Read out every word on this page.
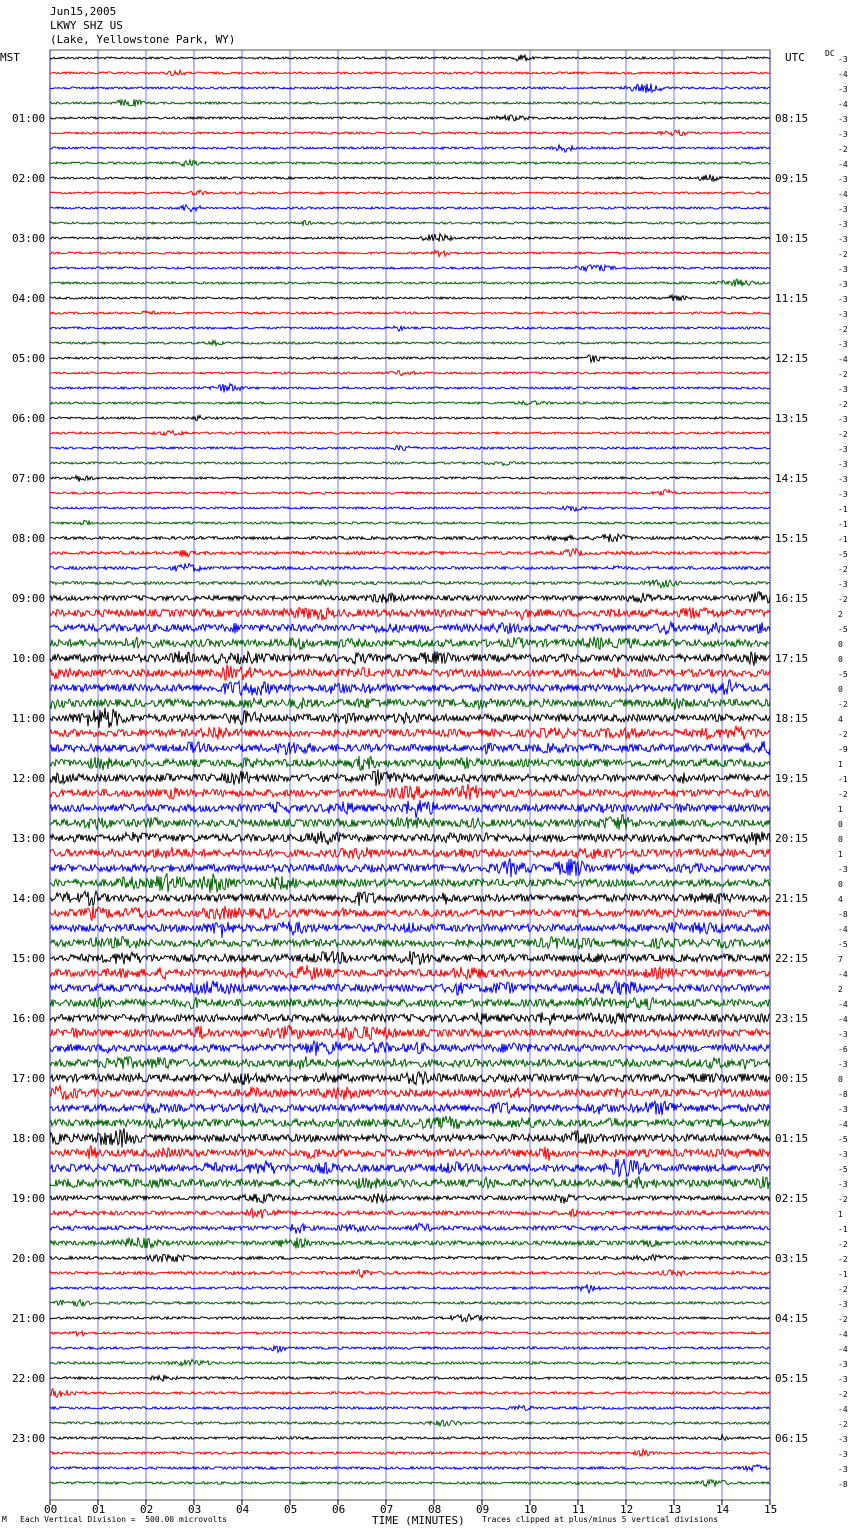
Jun15,2005
LKWY SHZ US
(Lake, Yellowstone Park, WY)
MST	UTC	DC
TIME (MINUTES)
00	01	02	03	04	05	06	07	08	09	10	11	12	13	14	15
-3
-4
-3
-4
-3
01:00	08:15
-3
-2
-4
-3
02:00	09:15
-4
-3
-3
-3
03:00	10:15
-2
-3
-3
-3
04:00	11:15
-3
-2
-3
-4
05:00	12:15
-2
-3
-2
-3
06:00	13:15
-2
-3
-3
-3
07:00	14:15
-3
-1
-1
-1
08:00	15:15
-5
-2
-3
-2
09:00	16:15
2
-5
0
0
10:00	17:15
-5
0
-2
4
11:00	18:15
-2
-9
1
-1
12:00	19:15
-2
1
0
0
13:00	20:15
1
-3
0
4
14:00	21:15
-8
-4
-5
7
15:00	22:15
-4
2
-4
-4
16:00	23:15
-3
-6
-3
0
17:00	00:15
-8
-3
-4
-5
18:00	01:15
-3
-5
-3
-2
19:00	02:15
1
-1
-2
-2
20:00	03:15
-1
-2
-3
-2
21:00	04:15
-4
-4
-3
-3
22:00	05:15
-2
-4
-2
-3
23:00	06:15
-3
-3
-8
M Each Vertical Division =  500.00 microvolts	Traces clipped at plus/minus 5 vertical divisions
